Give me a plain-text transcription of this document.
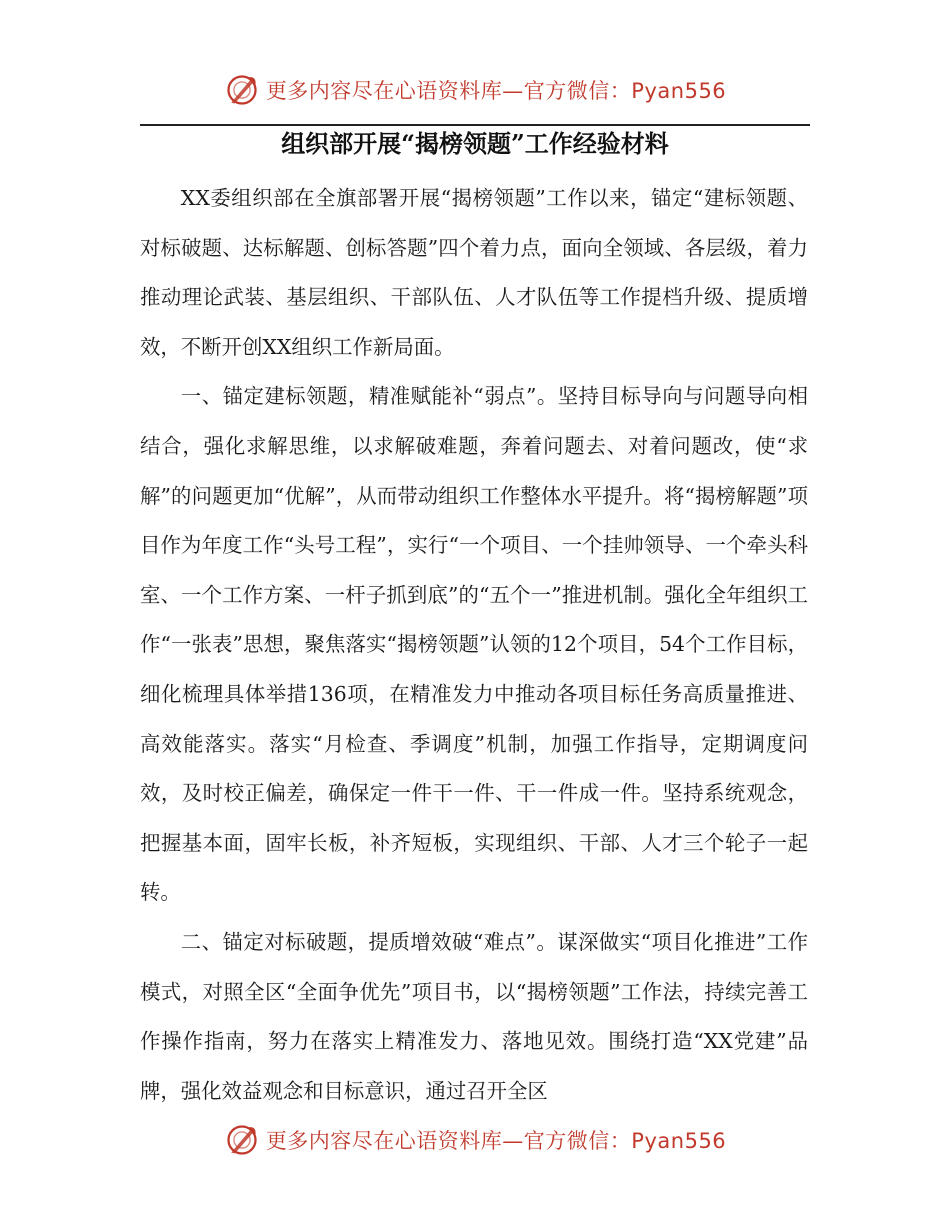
更多内容尽在心语资料库—官方微信：Pyan556
组织部开展“揭榜领题”工作经验材料

XX委组织部在全旗部署开展“揭榜领题”工作以来，锚定“建标领题、对标破题、达标解题、创标答题”四个着力点，面向全领域、各层级，着力推动理论武装、基层组织、干部队伍、人才队伍等工作提档升级、提质增效，不断开创XX组织工作新局面。

一、锚定建标领题，精准赋能补“弱点”。坚持目标导向与问题导向相结合，强化求解思维，以求解破难题，奔着问题去、对着问题改，使“求解”的问题更加“优解”，从而带动组织工作整体水平提升。将“揭榜解题”项目作为年度工作“头号工程”，实行“一个项目、一个挂帅领导、一个牵头科室、一个工作方案、一杆子抓到底”的“五个一”推进机制。强化全年组织工作“一张表”思想，聚焦落实“揭榜领题”认领的12个项目，54个工作目标，细化梳理具体举措136项，在精准发力中推动各项目标任务高质量推进、高效能落实。落实“月检查、季调度”机制，加强工作指导，定期调度问效，及时校正偏差，确保定一件干一件、干一件成一件。坚持系统观念，把握基本面，固牢长板，补齐短板，实现组织、干部、人才三个轮子一起转。

二、锚定对标破题，提质增效破“难点”。谋深做实“项目化推进”工作模式，对照全区“全面争优先”项目书，以“揭榜领题”工作法，持续完善工作操作指南，努力在落实上精准发力、落地见效。围绕打造“XX党建”品牌，强化效益观念和目标意识，通过召开全区

更多内容尽在心语资料库—官方微信：Pyan556
